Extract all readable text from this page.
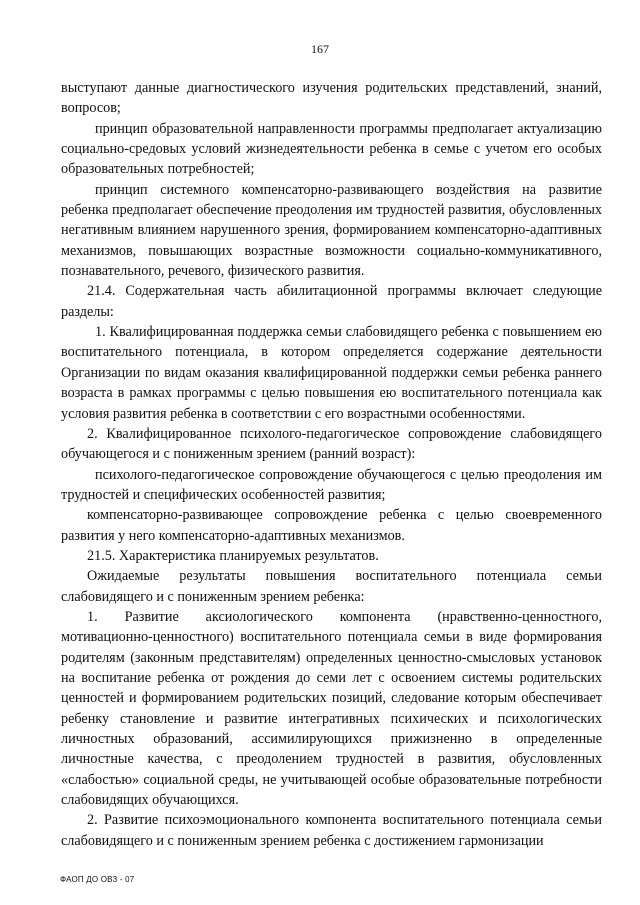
167

выступают данные диагностического изучения родительских представлений, знаний, вопросов;

принцип образовательной направленности программы предполагает актуализацию социально-средовых условий жизнедеятельности ребенка в семье с учетом его особых образовательных потребностей;

принцип системного компенсаторно-развивающего воздействия на развитие ребенка предполагает обеспечение преодоления им трудностей развития, обусловленных негативным влиянием нарушенного зрения, формированием компенсаторно-адаптивных механизмов, повышающих возрастные возможности социально-коммуникативного, познавательного, речевого, физического развития.

21.4. Содержательная часть абилитационной программы включает следующие разделы:

1. Квалифицированная поддержка семьи слабовидящего ребенка с повышением ею воспитательного потенциала, в котором определяется содержание деятельности Организации по видам оказания квалифицированной поддержки семьи ребенка раннего возраста в рамках программы с целью повышения ею воспитательного потенциала как условия развития ребенка в соответствии с его возрастными особенностями.

2. Квалифицированное психолого-педагогическое сопровождение слабовидящего обучающегося и с пониженным зрением (ранний возраст):

психолого-педагогическое сопровождение обучающегося с целью преодоления им трудностей и специфических особенностей развития;

компенсаторно-развивающее сопровождение ребенка с целью своевременного развития у него компенсаторно-адаптивных механизмов.

21.5. Характеристика планируемых результатов.

Ожидаемые результаты повышения воспитательного потенциала семьи слабовидящего и с пониженным зрением ребенка:

1. Развитие аксиологического компонента (нравственно-ценностного, мотивационно-ценностного) воспитательного потенциала семьи в виде формирования родителям (законным представителям) определенных ценностно-смысловых установок на воспитание ребенка от рождения до семи лет с освоением системы родительских ценностей и формированием родительских позиций, следование которым обеспечивает ребенку становление и развитие интегративных психических и психологических личностных образований, ассимилирующихся прижизненно в определенные личностные качества, с преодолением трудностей в развития, обусловленных «слабостью» социальной среды, не учитывающей особые образовательные потребности слабовидящих обучающихся.

2. Развитие психоэмоционального компонента воспитательного потенциала семьи слабовидящего и с пониженным зрением ребенка с достижением гармонизации

ФАОП ДО ОВЗ - 07
